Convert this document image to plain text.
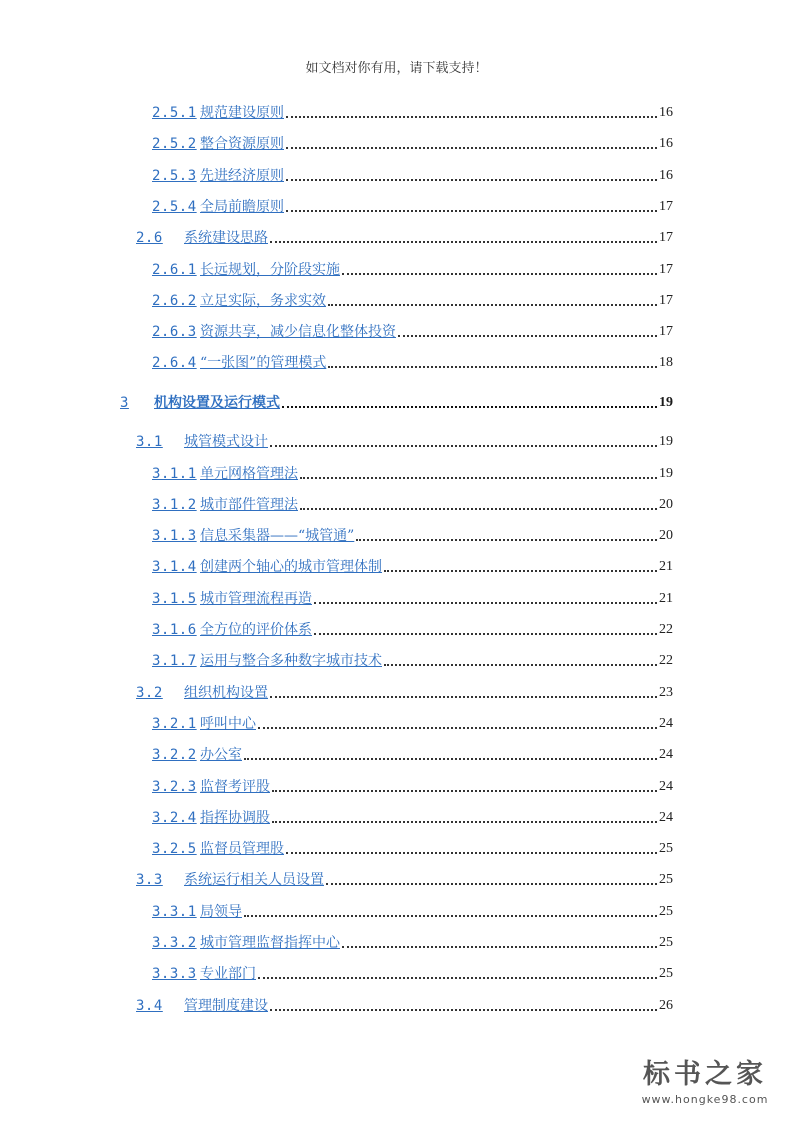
如文档对你有用，请下载支持！
2.5.1 规范建设原则	16
2.5.2 整合资源原则	16
2.5.3 先进经济原则	16
2.5.4 全局前瞻原则	17
2.6	系统建设思路	17
2.6.1 长远规划，分阶段实施	17
2.6.2 立足实际，务求实效	17
2.6.3 资源共享，减少信息化整体投资	17
2.6.4 “一张图”的管理模式	18
3	机构设置及运行模式	19
3.1	城管模式设计	19
3.1.1 单元网格管理法	19
3.1.2 城市部件管理法	20
3.1.3 信息采集器——“城管通”	20
3.1.4 创建两个轴心的城市管理体制	21
3.1.5 城市管理流程再造	21
3.1.6 全方位的评价体系	22
3.1.7 运用与整合多种数字城市技术	22
3.2	组织机构设置	23
3.2.1 呼叫中心	24
3.2.2 办公室	24
3.2.3 监督考评股	24
3.2.4 指挥协调股	24
3.2.5 监督员管理股	25
3.3	系统运行相关人员设置	25
3.3.1 局领导	25
3.3.2 城市管理监督指挥中心	25
3.3.3 专业部门	25
3.4	管理制度建设	26
标书之家
www.hongke98.com
